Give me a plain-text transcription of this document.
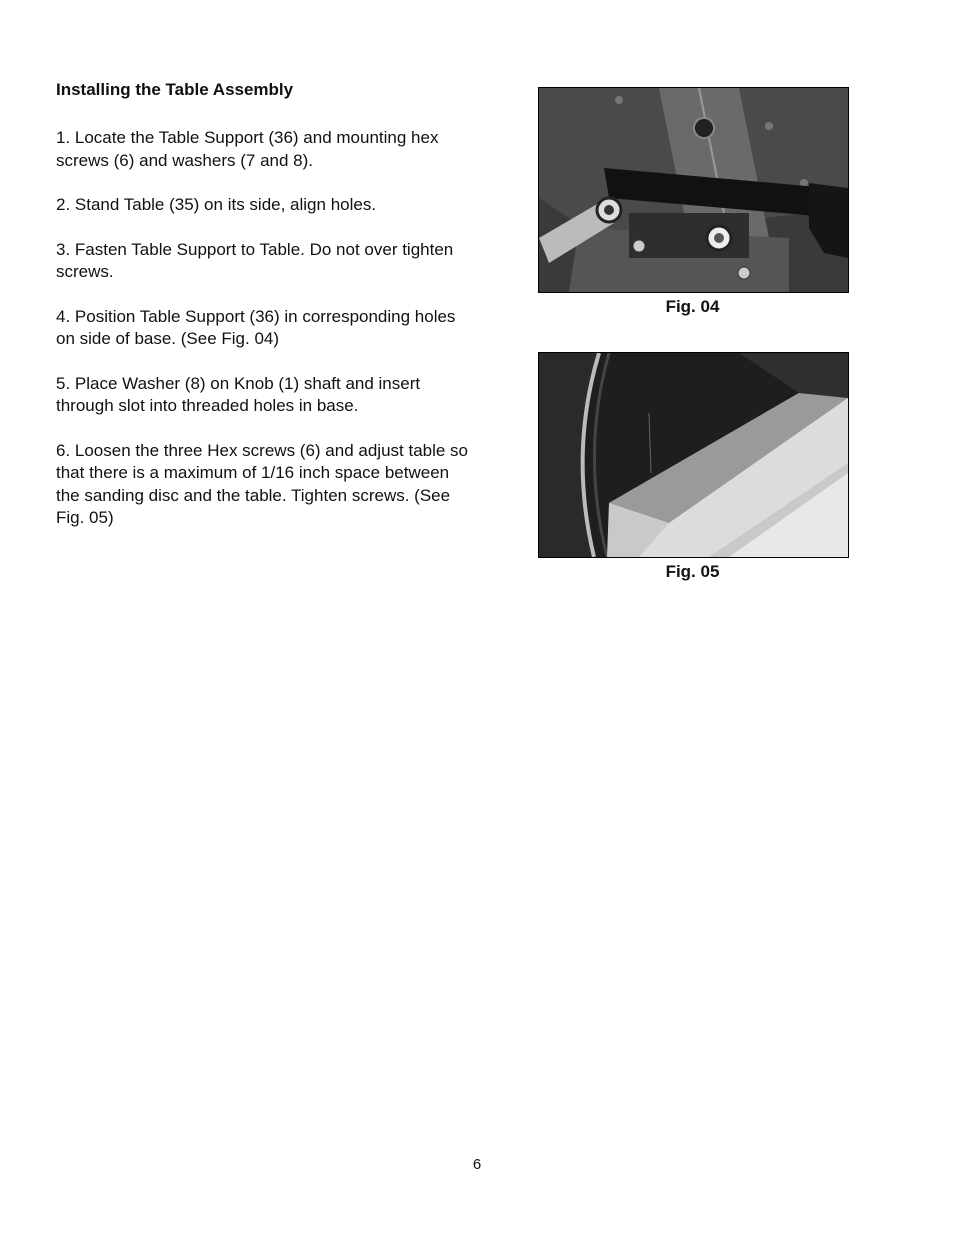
Installing the Table Assembly

1. Locate the Table Support (36) and mounting hex screws (6) and washers (7 and 8).

2. Stand Table (35) on its side, align holes.

3. Fasten Table Support to Table. Do not over tighten screws.

4. Position Table Support (36) in corresponding holes on side of base. (See Fig. 04)

5. Place Washer (8) on Knob (1) shaft and insert through slot into threaded holes in base.

6. Loosen the three Hex screws (6) and adjust table so that there is a maximum of 1/16 inch space between the sanding disc and the table. Tighten screws. (See Fig. 05)

Fig. 04
Fig. 05
6
